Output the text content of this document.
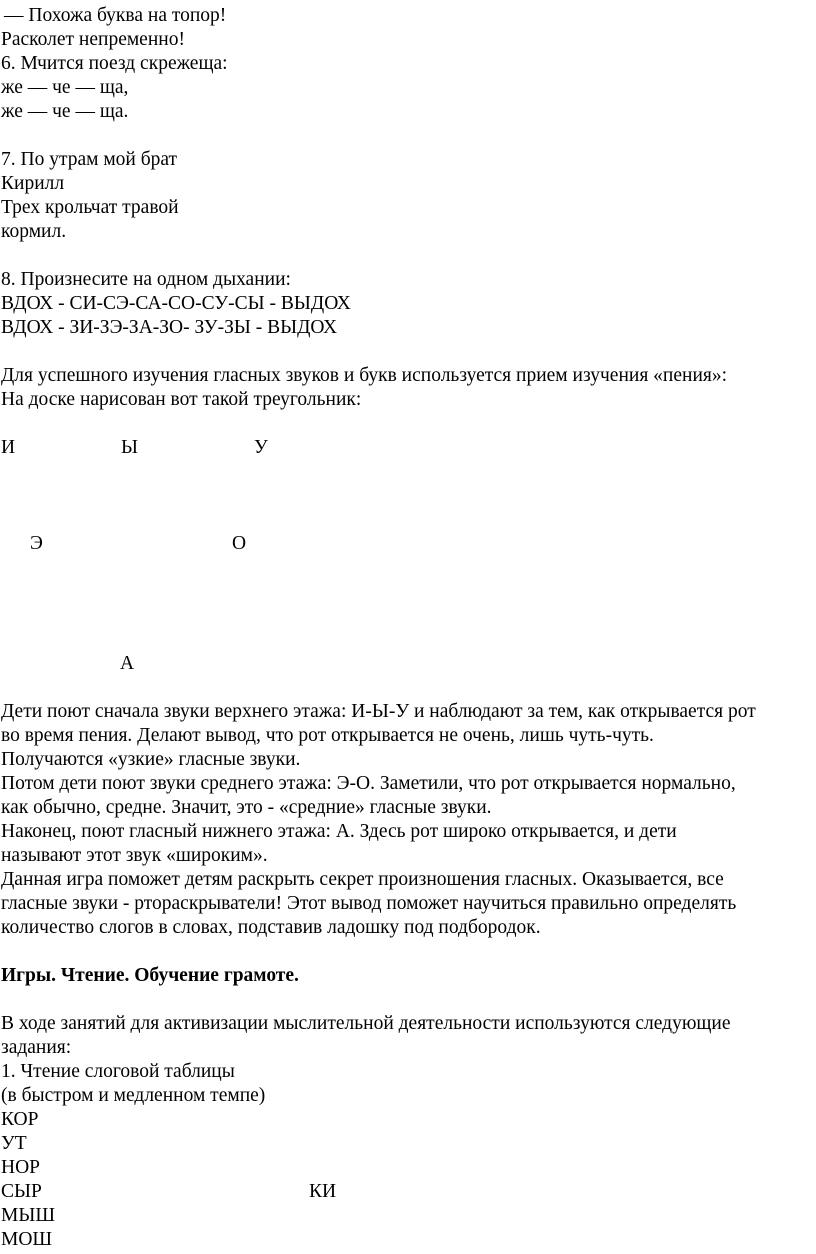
— Похожа буква на топор!
Расколет непременно!
6. Мчится поезд скрежеща:
же — че — ща,
же — че — ща.
7. По утрам мой брат
Кирилл
Трех крольчат травой
кормил.
8. Произнесите на одном дыхании:
ВДОХ - СИ-СЭ-СА-СО-СУ-СЫ - ВЫДОХ
ВДОХ - ЗИ-ЗЭ-ЗА-ЗО- ЗУ-ЗЫ - ВЫДОХ
Для успешного изучения гласных звуков и букв используется прием изучения «пения»:
На доске нарисован вот такой треугольник:
И	Ы	У
Э	О
А
Дети поют сначала звуки верхнего этажа: И-Ы-У и наблюдают за тем, как открывается рот
во время пения. Делают вывод, что рот открывается не очень, лишь чуть-чуть.
Получаются «узкие» гласные звуки.
Потом дети поют звуки среднего этажа: Э-О. Заметили, что рот открывается нормально,
как обычно, средне. Значит, это - «средние» гласные звуки.
Наконец, поют гласный нижнего этажа: А. Здесь рот широко открывается, и дети
называют этот звук «широким».
Данная игра поможет детям раскрыть секрет произношения гласных. Оказывается, все
гласные звуки - ртораскрыватели! Этот вывод поможет научиться правильно определять
количество слогов в словах, подставив ладошку под подбородок.
Игры. Чтение. Обучение грамоте.
В ходе занятий для активизации мыслительной деятельности используются следующие
задания:
1. Чтение слоговой таблицы
(в быстром и медленном темпе)
КОР
УТ
НОР
СЫР	КИ
МЫШ
МОШ
